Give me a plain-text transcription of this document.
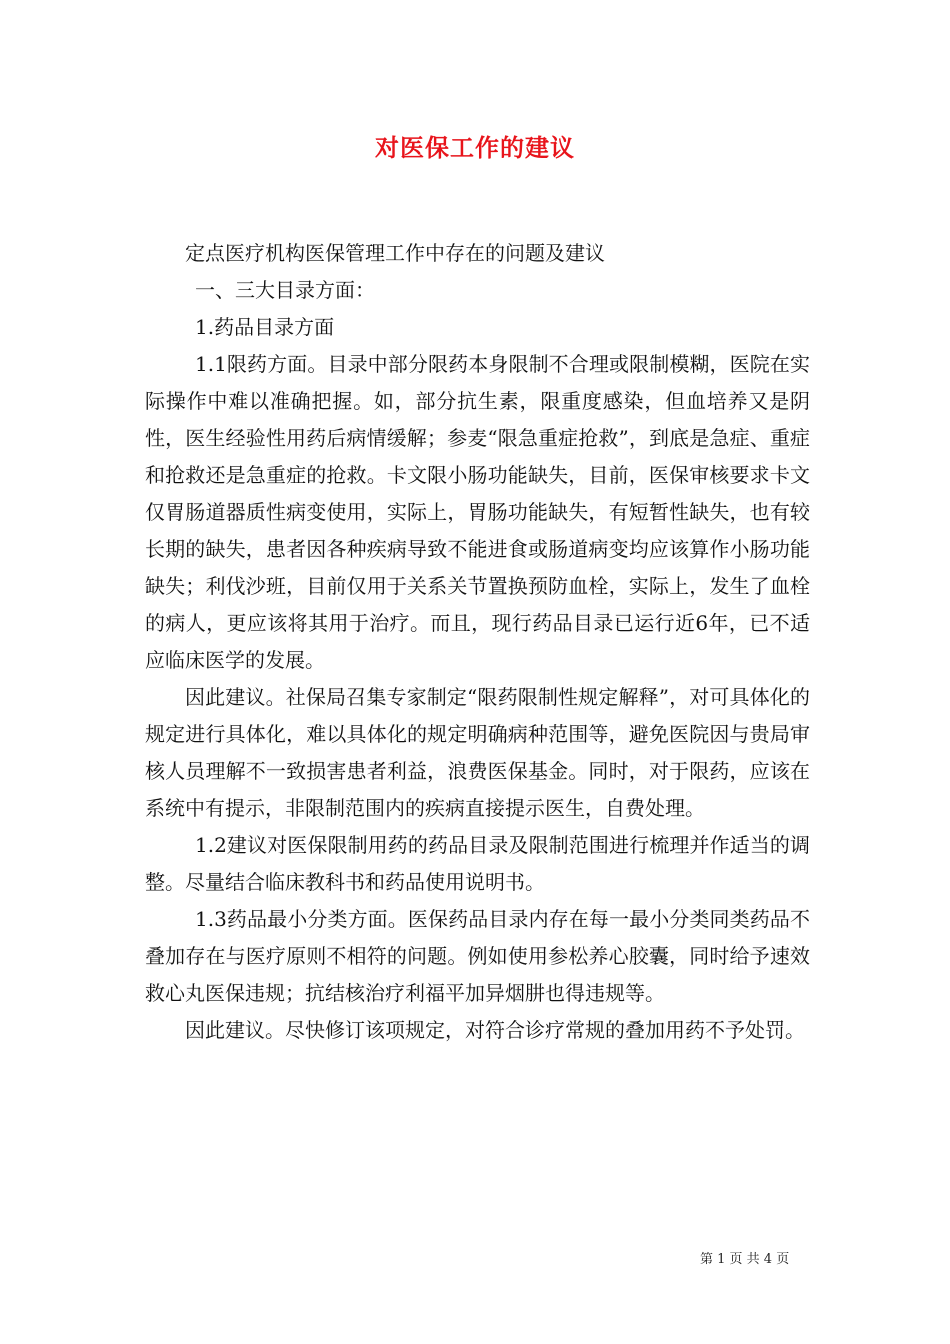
对医保工作的建议

定点医疗机构医保管理工作中存在的问题及建议

一、三大目录方面：

1.药品目录方面

1.1限药方面。目录中部分限药本身限制不合理或限制模糊，医院在实际操作中难以准确把握。如，部分抗生素，限重度感染，但血培养又是阴性，医生经验性用药后病情缓解；参麦“限急重症抢救”，到底是急症、重症和抢救还是急重症的抢救。卡文限小肠功能缺失，目前，医保审核要求卡文仅胃肠道器质性病变使用，实际上，胃肠功能缺失，有短暂性缺失，也有较长期的缺失，患者因各种疾病导致不能进食或肠道病变均应该算作小肠功能缺失；利伐沙班，目前仅用于关系关节置换预防血栓，实际上，发生了血栓的病人，更应该将其用于治疗。而且，现行药品目录已运行近6年，已不适应临床医学的发展。

因此建议。社保局召集专家制定“限药限制性规定解释”，对可具体化的规定进行具体化，难以具体化的规定明确病种范围等，避免医院因与贵局审核人员理解不一致损害患者利益，浪费医保基金。同时，对于限药，应该在系统中有提示，非限制范围内的疾病直接提示医生，自费处理。

1.2建议对医保限制用药的药品目录及限制范围进行梳理并作适当的调整。尽量结合临床教科书和药品使用说明书。

1.3药品最小分类方面。医保药品目录内存在每一最小分类同类药品不叠加存在与医疗原则不相符的问题。例如使用参松养心胶囊，同时给予速效救心丸医保违规；抗结核治疗利福平加异烟肼也得违规等。

因此建议。尽快修订该项规定，对符合诊疗常规的叠加用药不予处罚。

第 1 页 共 4 页
